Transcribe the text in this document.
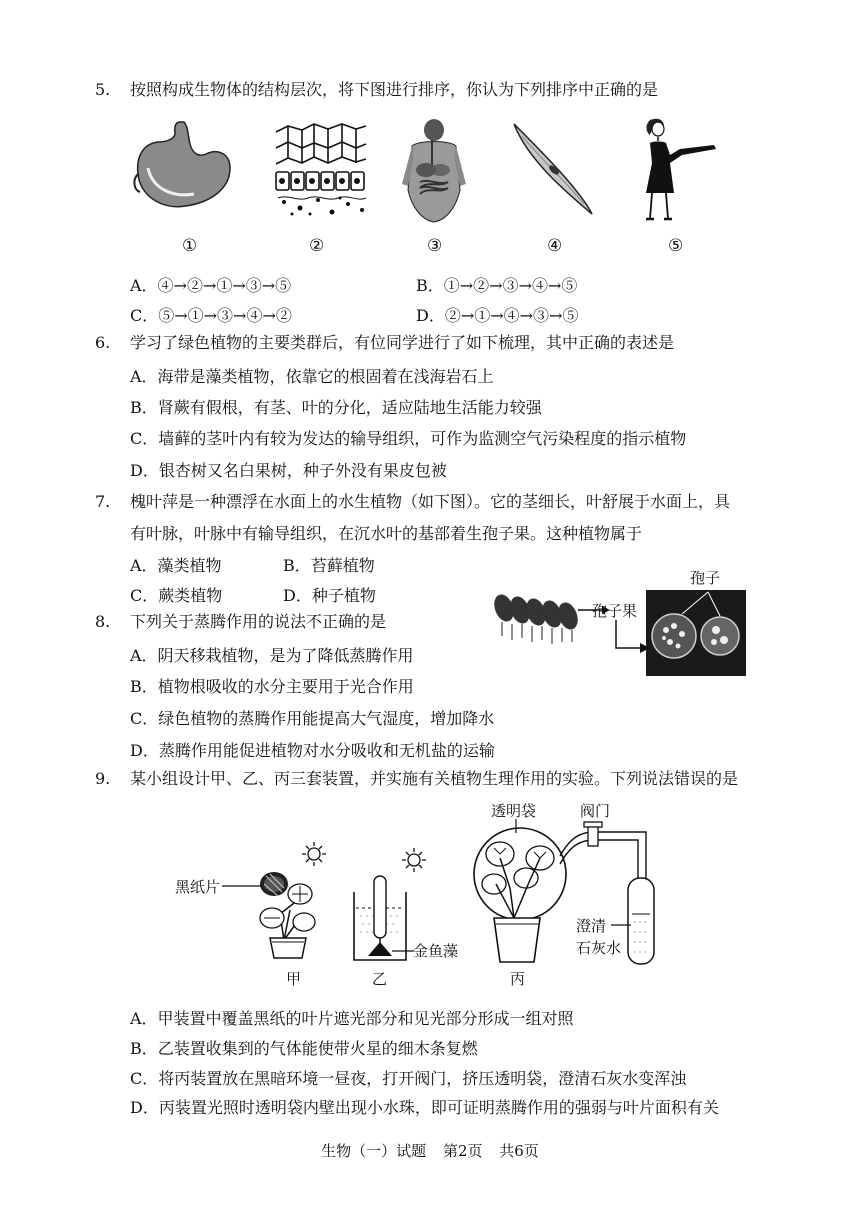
5. 按照构成生物体的结构层次，将下图进行排序，你认为下列排序中正确的是
①	②	③	④	⑤
A．④→②→①→③→⑤	B．①→②→③→④→⑤
C．⑤→①→③→④→②	D．②→①→④→③→⑤
6. 学习了绿色植物的主要类群后，有位同学进行了如下梳理，其中正确的表述是
A．海带是藻类植物，依靠它的根固着在浅海岩石上
B．肾蕨有假根，有茎、叶的分化，适应陆地生活能力较强
C．墙藓的茎叶内有较为发达的输导组织，可作为监测空气污染程度的指示植物
D．银杏树又名白果树，种子外没有果皮包被
7. 槐叶萍是一种漂浮在水面上的水生植物（如下图）。它的茎细长，叶舒展于水面上，具
有叶脉，叶脉中有输导组织，在沉水叶的基部着生孢子果。这种植物属于
A．藻类植物	B．苔藓植物
C．蕨类植物	D．种子植物
孢子果
孢子
8. 下列关于蒸腾作用的说法不正确的是
A．阴天移栽植物，是为了降低蒸腾作用
B．植物根吸收的水分主要用于光合作用
C．绿色植物的蒸腾作用能提高大气湿度，增加降水
D．蒸腾作用能促进植物对水分吸收和无机盐的运输
9. 某小组设计甲、乙、丙三套装置，并实施有关植物生理作用的实验。下列说法错误的是
黑纸片
甲
金鱼藻
乙
透明袋	阀门
澄清
石灰水
丙
A．甲装置中覆盖黑纸的叶片遮光部分和见光部分形成一组对照
B．乙装置收集到的气体能使带火星的细木条复燃
C．将丙装置放在黑暗环境一昼夜，打开阀门，挤压透明袋，澄清石灰水变浑浊
D．丙装置光照时透明袋内壁出现小水珠，即可证明蒸腾作用的强弱与叶片面积有关
生物（一）试题 第2页 共6页
